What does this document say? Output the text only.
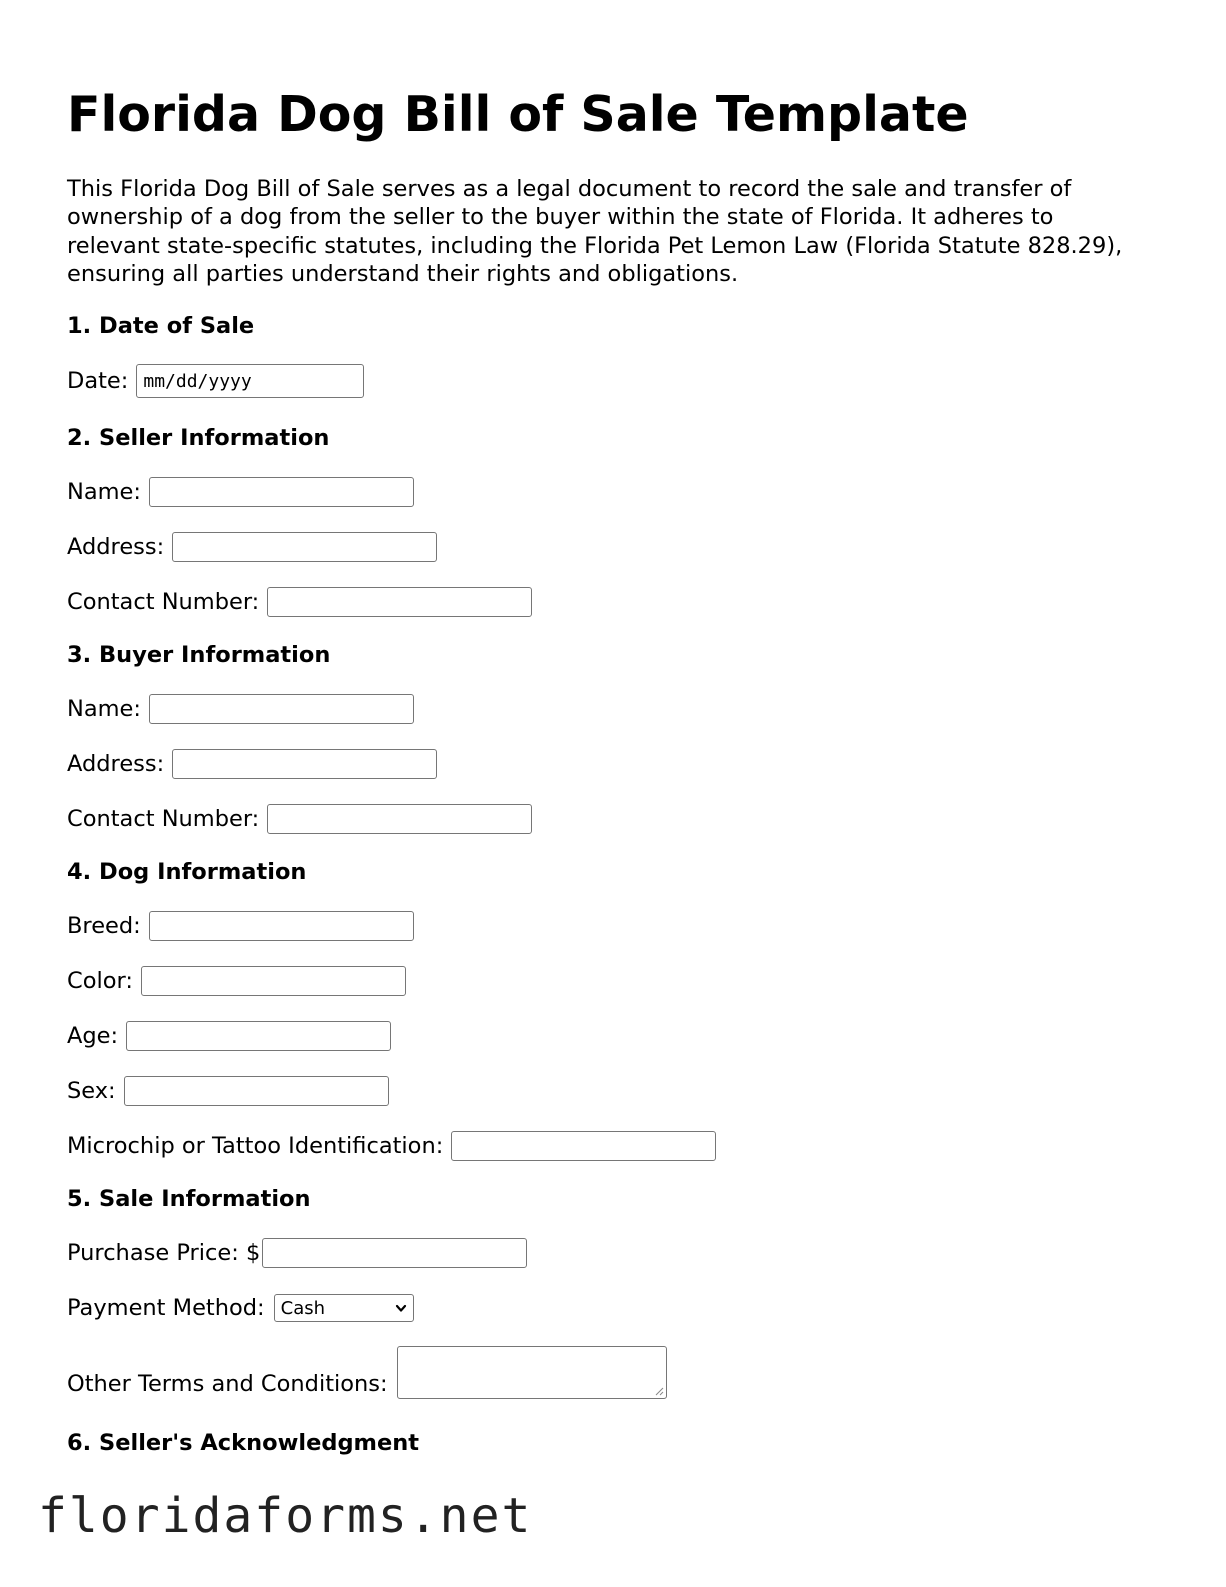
Florida Dog Bill of Sale Template

This Florida Dog Bill of Sale serves as a legal document to record the sale and transfer of ownership of a dog from the seller to the buyer within the state of Florida. It adheres to relevant state-specific statutes, including the Florida Pet Lemon Law (Florida Statute 828.29), ensuring all parties understand their rights and obligations.

1. Date of Sale
Date: mm/dd/yyyy
2. Seller Information
Name:
Address:
Contact Number:
3. Buyer Information
Name:
Address:
Contact Number:
4. Dog Information
Breed:
Color:
Age:
Sex:
Microchip or Tattoo Identification:
5. Sale Information
Purchase Price: $
Payment Method: Cash
Other Terms and Conditions:
6. Seller's Acknowledgment
floridaforms.net
